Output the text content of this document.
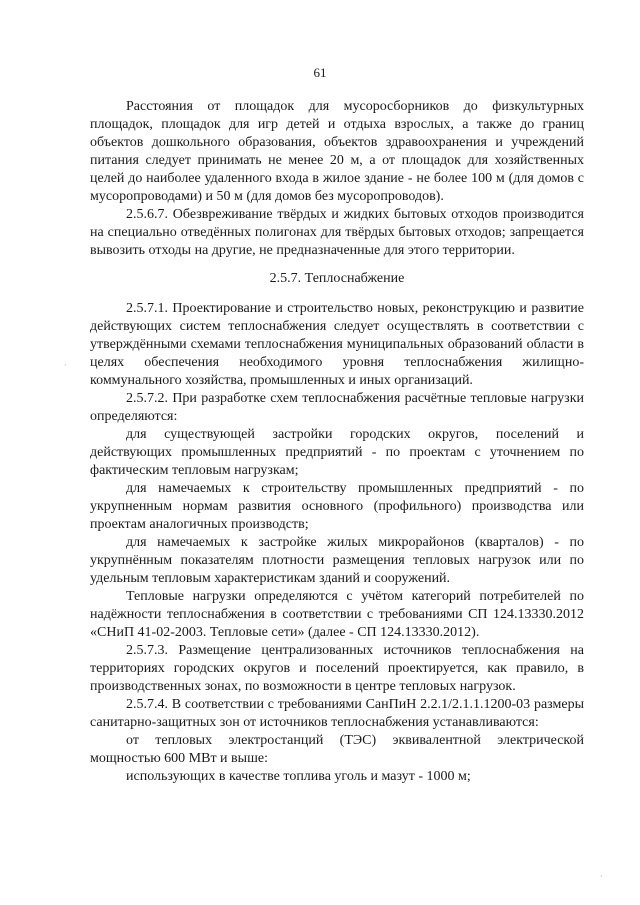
61

Расстояния от площадок для мусоросборников до физкультурных площадок, площадок для игр детей и отдыха взрослых, а также до границ объектов дошкольного образования, объектов здравоохранения и учреждений питания следует принимать не менее 20 м, а от площадок для хозяйственных целей до наиболее удаленного входа в жилое здание - не более 100 м (для домов с мусоропроводами) и 50 м (для домов без мусоропроводов).

2.5.6.7. Обезвреживание твёрдых и жидких бытовых отходов производится на специально отведённых полигонах для твёрдых бытовых отходов; запрещается вывозить отходы на другие, не предназначенные для этого территории.

2.5.7. Теплоснабжение

2.5.7.1. Проектирование и строительство новых, реконструкцию и развитие действующих систем теплоснабжения следует осуществлять в соответствии с утверждёнными схемами теплоснабжения муниципальных образований области в целях обеспечения необходимого уровня теплоснабжения жилищно-коммунального хозяйства, промышленных и иных организаций.

2.5.7.2. При разработке схем теплоснабжения расчётные тепловые нагрузки определяются:

для существующей застройки городских округов, поселений и действующих промышленных предприятий - по проектам с уточнением по фактическим тепловым нагрузкам;

для намечаемых к строительству промышленных предприятий - по укрупненным нормам развития основного (профильного) производства или проектам аналогичных производств;

для намечаемых к застройке жилых микрорайонов (кварталов) - по укрупнённым показателям плотности размещения тепловых нагрузок или по удельным тепловым характеристикам зданий и сооружений.

Тепловые нагрузки определяются с учётом категорий потребителей по надёжности теплоснабжения в соответствии с требованиями СП 124.13330.2012 «СНиП 41-02-2003. Тепловые сети» (далее - СП 124.13330.2012).

2.5.7.3. Размещение централизованных источников теплоснабжения на территориях городских округов и поселений проектируется, как правило, в производственных зонах, по возможности в центре тепловых нагрузок.

2.5.7.4. В соответствии с требованиями СанПиН 2.2.1/2.1.1.1200-03 размеры санитарно-защитных зон от источников теплоснабжения устанавливаются:

от тепловых электростанций (ТЭС) эквивалентной электрической мощностью 600 МВт и выше:

использующих в качестве топлива уголь и мазут - 1000 м;

·
·
